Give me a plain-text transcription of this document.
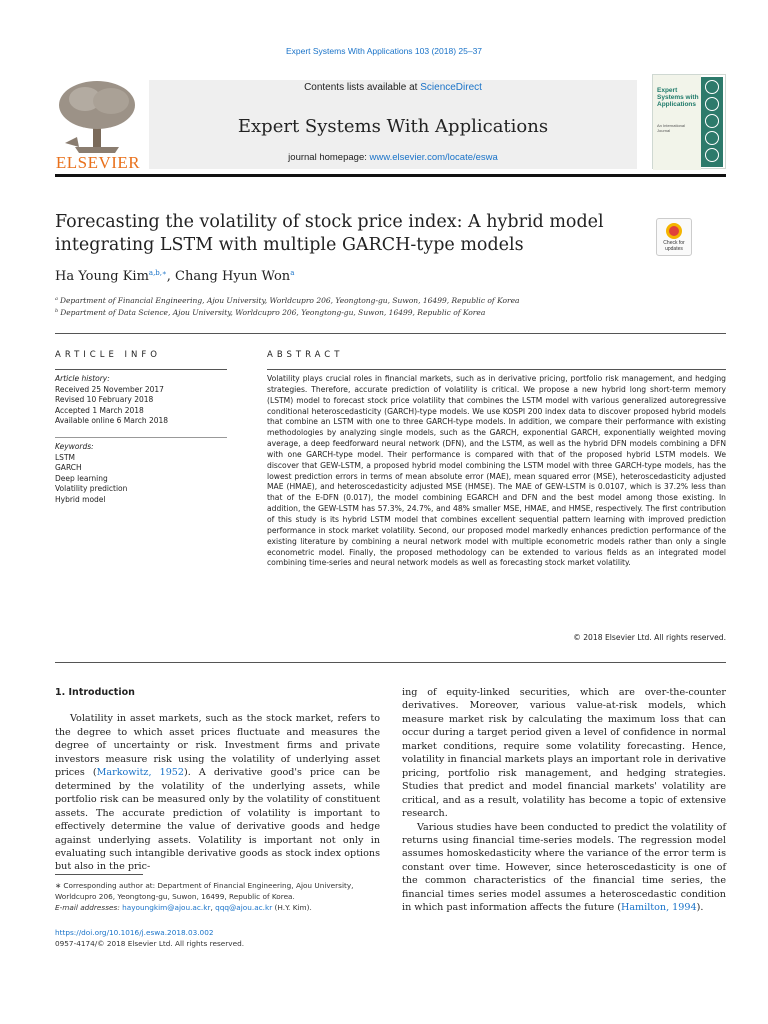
Expert Systems With Applications 103 (2018) 25–37
ELSEVIER
Contents lists available at ScienceDirect
Expert Systems With Applications
journal homepage: www.elsevier.com/locate/eswa
Expert Systems with Applications
An International Journal
Forecasting the volatility of stock price index: A hybrid model
integrating LSTM with multiple GARCH-type models	Check for updates
Ha Young Kim$^{a,b,∗}$, Chang Hyun Won$^a$
$^a$ Department of Financial Engineering, Ajou University, Worldcupro 206, Yeongtong-gu, Suwon, 16499, Republic of Korea
$^b$ Department of Data Science, Ajou University, Worldcupro 206, Yeongtong-gu, Suwon, 16499, Republic of Korea
ARTICLE INFO	ABSTRACT
Article history:
Received 25 November 2017
Revised 10 February 2018
Accepted 1 March 2018
Available online 6 March 2018
Keywords:
LSTM
GARCH
Deep learning
Volatility prediction
Hybrid model
Volatility plays crucial roles in financial markets, such as in derivative pricing, portfolio risk management, and hedging strategies. Therefore, accurate prediction of volatility is critical. We propose a new hybrid long short-term memory (LSTM) model to forecast stock price volatility that combines the LSTM model with various generalized autoregressive conditional heteroscedasticity (GARCH)-type models. We use KOSPI 200 index data to discover proposed hybrid models that combine an LSTM with one to three GARCH-type models. In addition, we compare their performance with existing methodologies by analyzing single models, such as the GARCH, exponential GARCH, exponentially weighted moving average, a deep feedforward neural network (DFN), and the LSTM, as well as the hybrid DFN models combining a DFN with one GARCH-type model. Their performance is compared with that of the proposed hybrid LSTM models. We discover that GEW-LSTM, a proposed hybrid model combining the LSTM model with three GARCH-type models, has the lowest prediction errors in terms of mean absolute error (MAE), mean squared error (MSE), heteroscedasticity adjusted MAE (HMAE), and heteroscedasticity adjusted MSE (HMSE). The MAE of GEW-LSTM is 0.0107, which is 37.2% less than that of the E-DFN (0.017), the model combining EGARCH and DFN and the best model among those existing. In addition, the GEW-LSTM has 57.3%, 24.7%, and 48% smaller MSE, HMAE, and HMSE, respectively. The first contribution of this study is its hybrid LSTM model that combines excellent sequential pattern learning with improved prediction performance in stock market volatility. Second, our proposed model markedly enhances prediction performance of the existing literature by combining a neural network model with multiple econometric models rather than only a single econometric model. Finally, the proposed methodology can be extended to various fields as an integrated model combining time-series and neural network models as well as forecasting stock market volatility.
© 2018 Elsevier Ltd. All rights reserved.
1. Introduction
Volatility in asset markets, such as the stock market, refers to the degree to which asset prices fluctuate and measures the degree of uncertainty or risk. Investment firms and private investors measure risk using the volatility of underlying asset prices (Markowitz, 1952). A derivative good's price can be determined by the volatility of the underlying assets, while portfolio risk can be measured only by the volatility of constituent assets. The accurate prediction of volatility is important to effectively determine the value of derivative goods and hedge against underlying assets. Volatility is important not only in evaluating such intangible derivative goods as stock index options but also in the pric-
ing of equity-linked securities, which are over-the-counter derivatives. Moreover, various value-at-risk models, which measure market risk by calculating the maximum loss that can occur during a target period given a level of confidence in normal market conditions, require some volatility forecasting. Hence, volatility in financial markets plays an important role in derivative pricing, portfolio risk management, and hedging strategies. Studies that predict and model financial markets' volatility are critical, and as a result, volatility has become a topic of extensive research.
Various studies have been conducted to predict the volatility of returns using financial time-series models. The regression model assumes homoskedasticity where the variance of the error term is constant over time. However, since heteroscedasticity is one of the common characteristics of the financial time series, the financial times series model assumes a heteroscedastic condition in which past information affects the future (Hamilton, 1994).
∗ Corresponding author at: Department of Financial Engineering, Ajou University, Worldcupro 206, Yeongtong-gu, Suwon, 16499, Republic of Korea.
E-mail addresses: hayoungkim@ajou.ac.kr, qqq@ajou.ac.kr (H.Y. Kim).
https://doi.org/10.1016/j.eswa.2018.03.002
0957-4174/© 2018 Elsevier Ltd. All rights reserved.
